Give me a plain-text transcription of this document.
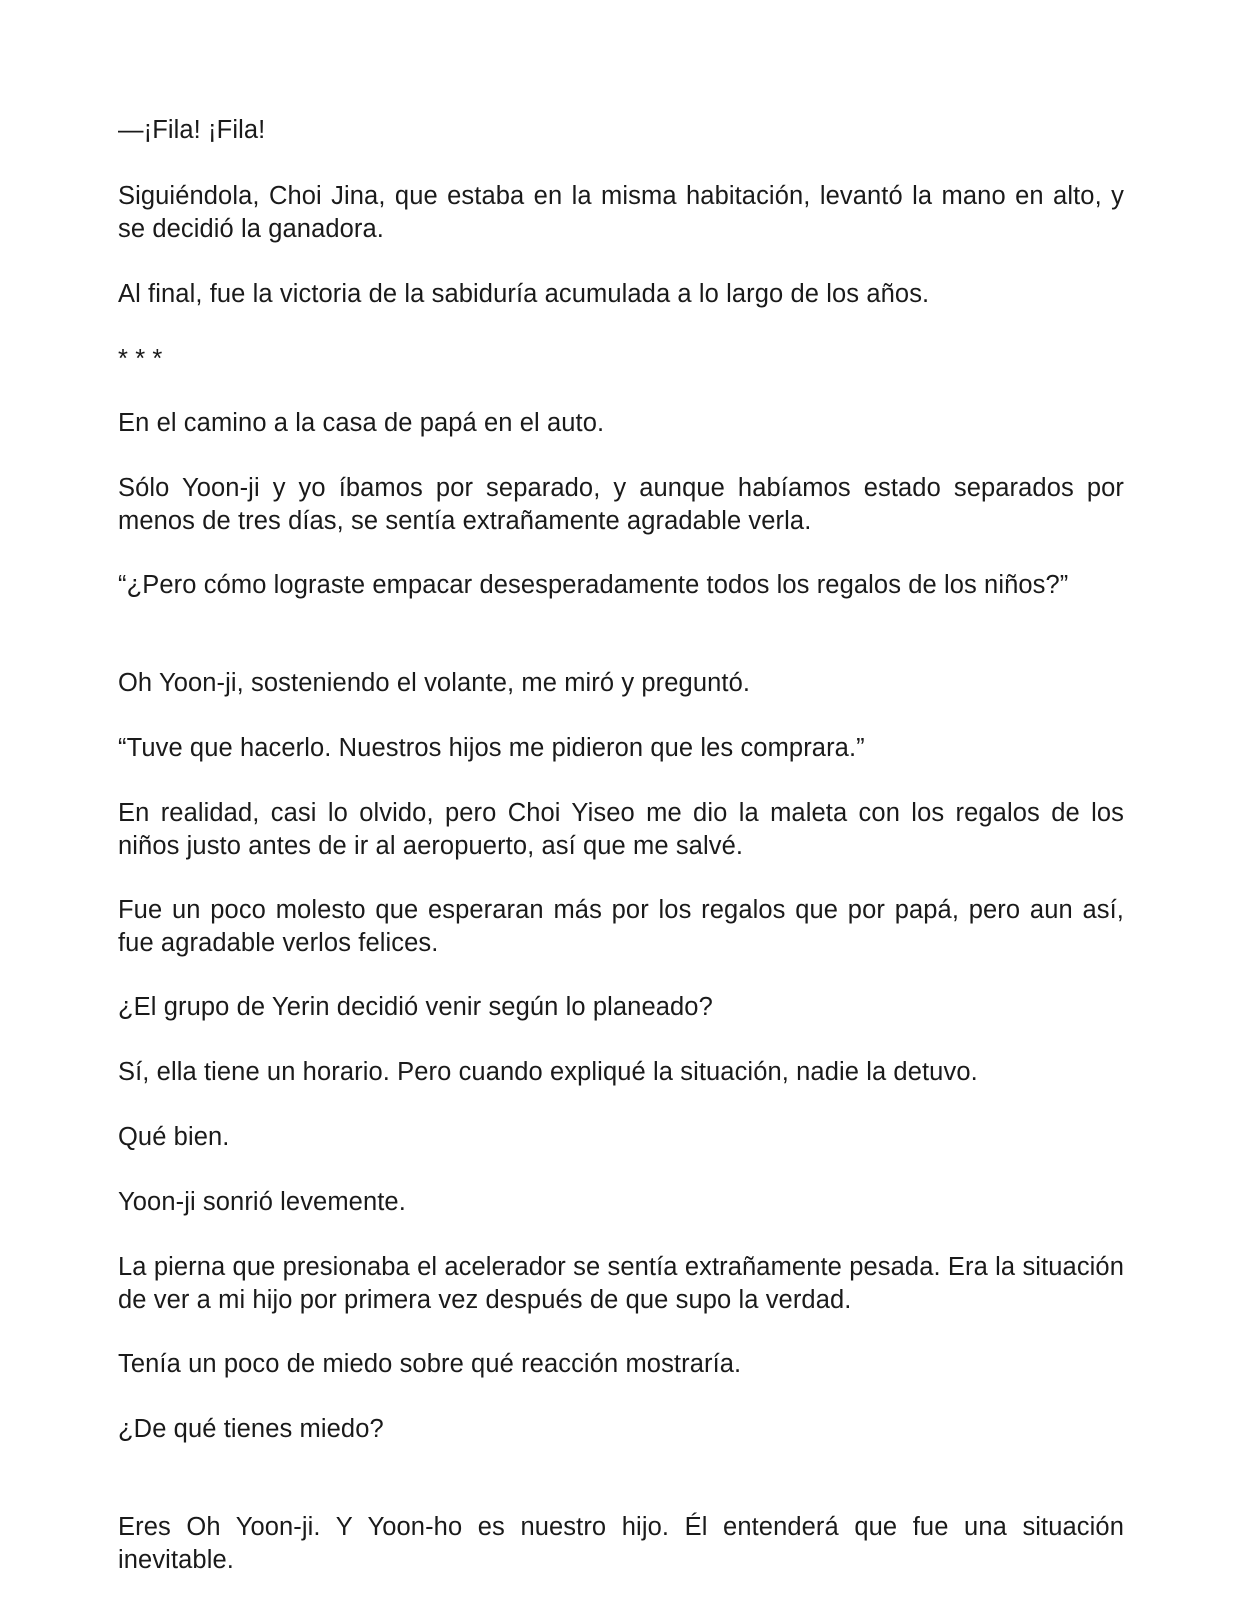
—¡Fila! ¡Fila!

Siguiéndola, Choi Jina, que estaba en la misma habitación, levantó la mano en alto, y se decidió la ganadora.

Al final, fue la victoria de la sabiduría acumulada a lo largo de los años.

* * *

En el camino a la casa de papá en el auto.

Sólo Yoon-ji y yo íbamos por separado, y aunque habíamos estado separados por menos de tres días, se sentía extrañamente agradable verla.

“¿Pero cómo lograste empacar desesperadamente todos los regalos de los niños?”

Oh Yoon-ji, sosteniendo el volante, me miró y preguntó.

“Tuve que hacerlo. Nuestros hijos me pidieron que les comprara.”

En realidad, casi lo olvido, pero Choi Yiseo me dio la maleta con los regalos de los niños justo antes de ir al aeropuerto, así que me salvé.

Fue un poco molesto que esperaran más por los regalos que por papá, pero aun así, fue agradable verlos felices.

¿El grupo de Yerin decidió venir según lo planeado?

Sí, ella tiene un horario. Pero cuando expliqué la situación, nadie la detuvo.

Qué bien.

Yoon-ji sonrió levemente.

La pierna que presionaba el acelerador se sentía extrañamente pesada. Era la situación de ver a mi hijo por primera vez después de que supo la verdad.

Tenía un poco de miedo sobre qué reacción mostraría.

¿De qué tienes miedo?

Eres Oh Yoon-ji. Y Yoon-ho es nuestro hijo. Él entenderá que fue una situación inevitable.
